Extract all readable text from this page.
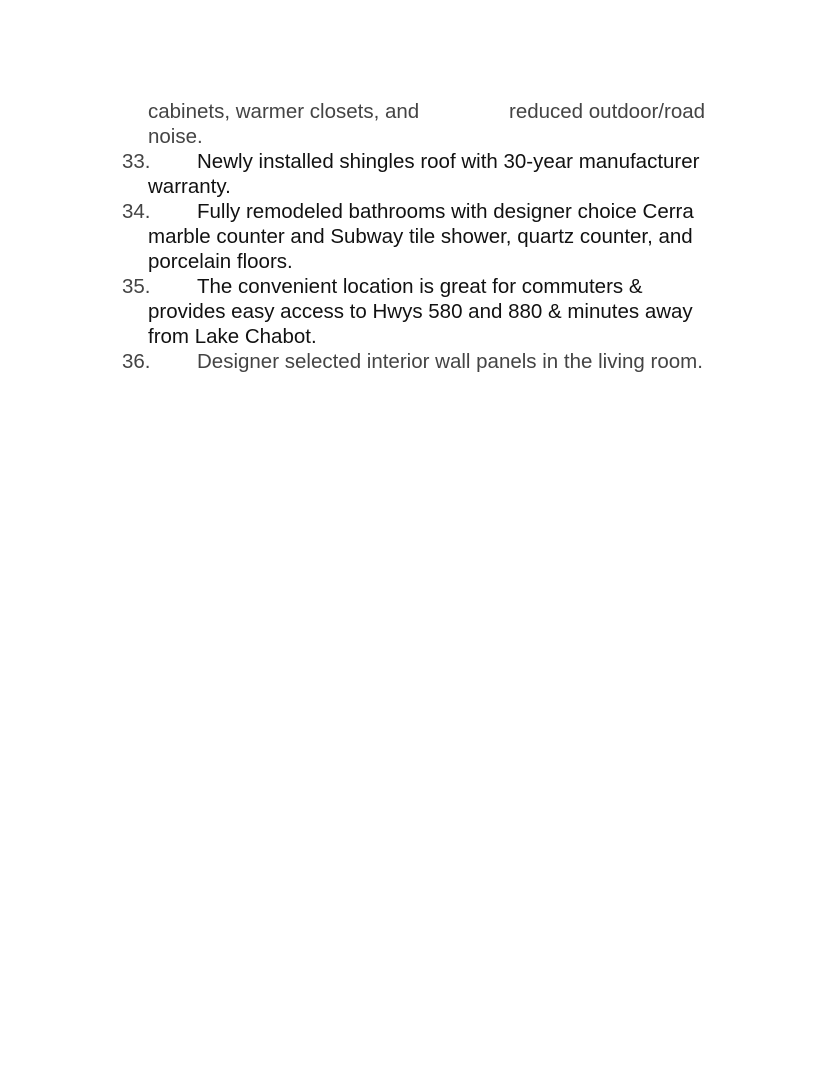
cabinets, warmer closets, and	reduced outdoor/road
noise.
33. Newly installed shingles roof with 30-year manufacturer
warranty.
34. Fully remodeled bathrooms with designer choice Cerra
marble counter and Subway tile shower, quartz counter, and
porcelain floors.
35. The convenient location is great for commuters &
provides easy access to Hwys 580 and 880 & minutes away
from Lake Chabot.
36. Designer selected interior wall panels in the living room.
